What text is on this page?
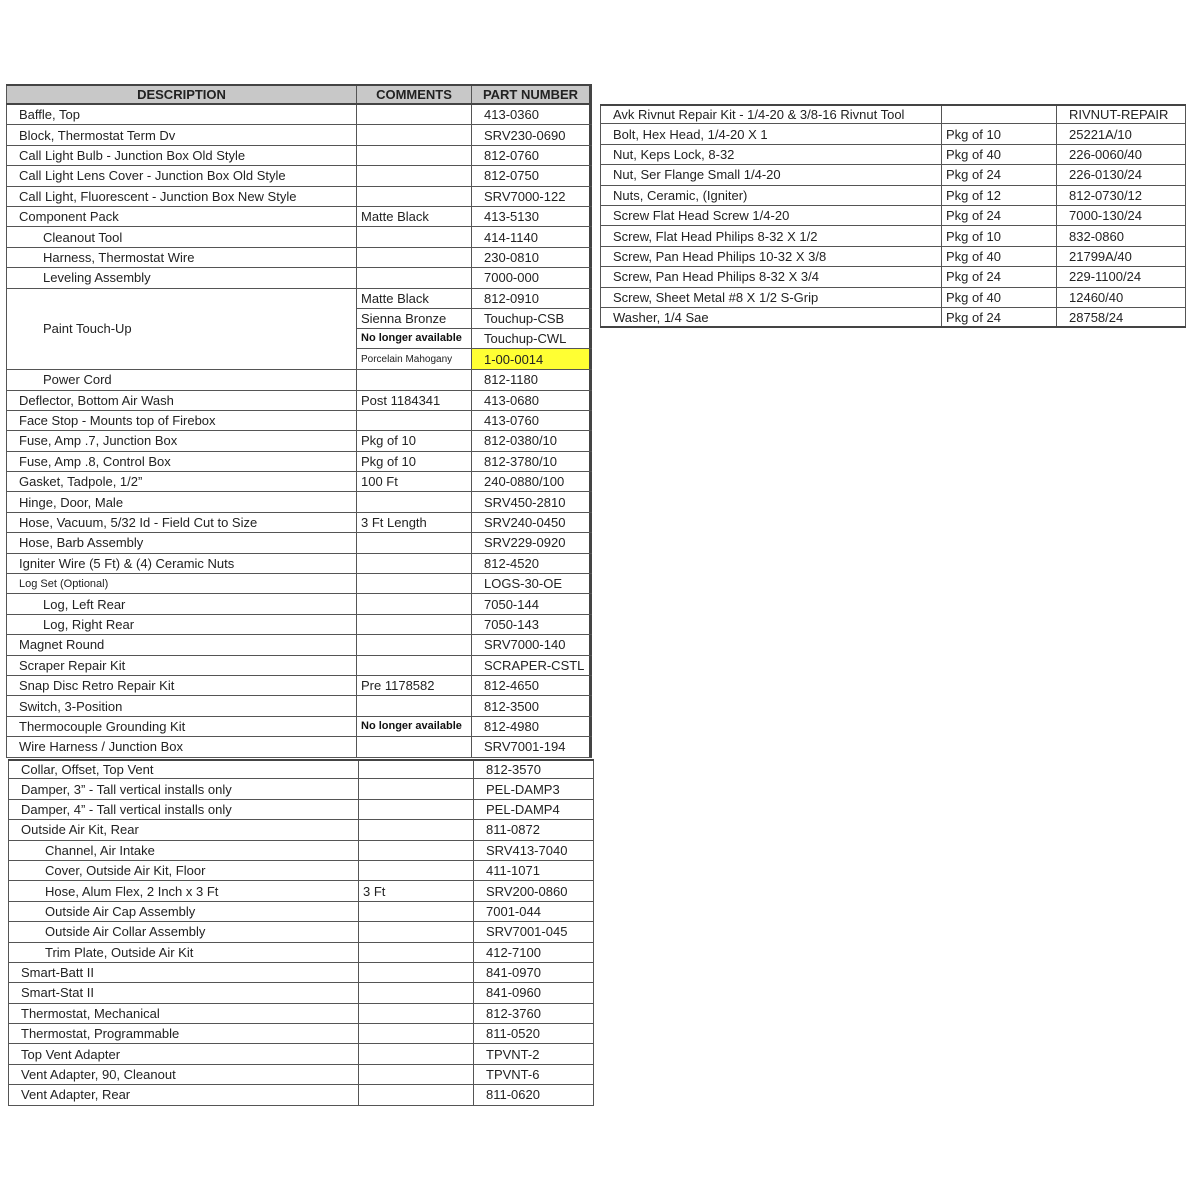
DESCRIPTION	COMMENTS	PART NUMBER
Baffle, Top	413-0360
Block, Thermostat Term Dv	SRV230-0690
Call Light Bulb - Junction Box Old Style	812-0760
Call Light Lens Cover - Junction Box Old Style	812-0750
Call Light, Fluorescent - Junction Box New Style	SRV7000-122
Component Pack	Matte Black	413-5130
Cleanout Tool	414-1140
Harness, Thermostat Wire	230-0810
Leveling Assembly	7000-000
Paint Touch-Up
Matte Black	812-0910
Sienna Bronze	Touchup-CSB
No longer available	Touchup-CWL
Porcelain Mahogany	1-00-0014
Power Cord	812-1180
Deflector, Bottom Air Wash	Post 1184341	413-0680
Face Stop - Mounts top of Firebox	413-0760
Fuse, Amp .7, Junction Box	Pkg of 10	812-0380/10
Fuse, Amp .8, Control Box	Pkg of 10	812-3780/10
Gasket, Tadpole, 1/2”	100 Ft	240-0880/100
Hinge, Door, Male	SRV450-2810
Hose, Vacuum, 5/32 Id - Field Cut to Size	3 Ft Length	SRV240-0450
Hose, Barb Assembly	SRV229-0920
Igniter Wire (5 Ft) & (4) Ceramic Nuts	812-4520
Log Set (Optional)	LOGS-30-OE
Log, Left Rear	7050-144
Log, Right Rear	7050-143
Magnet Round	SRV7000-140
Scraper Repair Kit	SCRAPER-CSTL
Snap Disc Retro Repair Kit	Pre 1178582	812-4650
Switch, 3-Position	812-3500
Thermocouple Grounding Kit	No longer available	812-4980
Wire Harness / Junction Box	SRV7001-194
Collar, Offset, Top Vent	812-3570
Damper, 3” - Tall vertical installs only	PEL-DAMP3
Damper, 4” - Tall vertical installs only	PEL-DAMP4
Outside Air Kit, Rear	811-0872
Channel, Air Intake	SRV413-7040
Cover, Outside Air Kit, Floor	411-1071
Hose, Alum Flex, 2 Inch x 3 Ft	3 Ft	SRV200-0860
Outside Air Cap Assembly	7001-044
Outside Air Collar Assembly	SRV7001-045
Trim Plate, Outside Air Kit	412-7100
Smart-Batt II	841-0970
Smart-Stat II	841-0960
Thermostat, Mechanical	812-3760
Thermostat, Programmable	811-0520
Top Vent Adapter	TPVNT-2
Vent Adapter, 90, Cleanout	TPVNT-6
Vent Adapter, Rear	811-0620
Avk Rivnut Repair Kit - 1/4-20 & 3/8-16 Rivnut Tool	RIVNUT-REPAIR
Bolt, Hex Head, 1/4-20 X 1	Pkg of 10	25221A/10
Nut, Keps Lock, 8-32	Pkg of 40	226-0060/40
Nut, Ser Flange Small 1/4-20	Pkg of 24	226-0130/24
Nuts, Ceramic, (Igniter)	Pkg of 12	812-0730/12
Screw Flat Head Screw 1/4-20	Pkg of 24	7000-130/24
Screw, Flat Head Philips 8-32 X 1/2	Pkg of 10	832-0860
Screw, Pan Head Philips 10-32 X 3/8	Pkg of 40	21799A/40
Screw, Pan Head Philips 8-32 X 3/4	Pkg of 24	229-1100/24
Screw, Sheet Metal #8 X 1/2 S-Grip	Pkg of 40	12460/40
Washer, 1/4 Sae	Pkg of 24	28758/24
